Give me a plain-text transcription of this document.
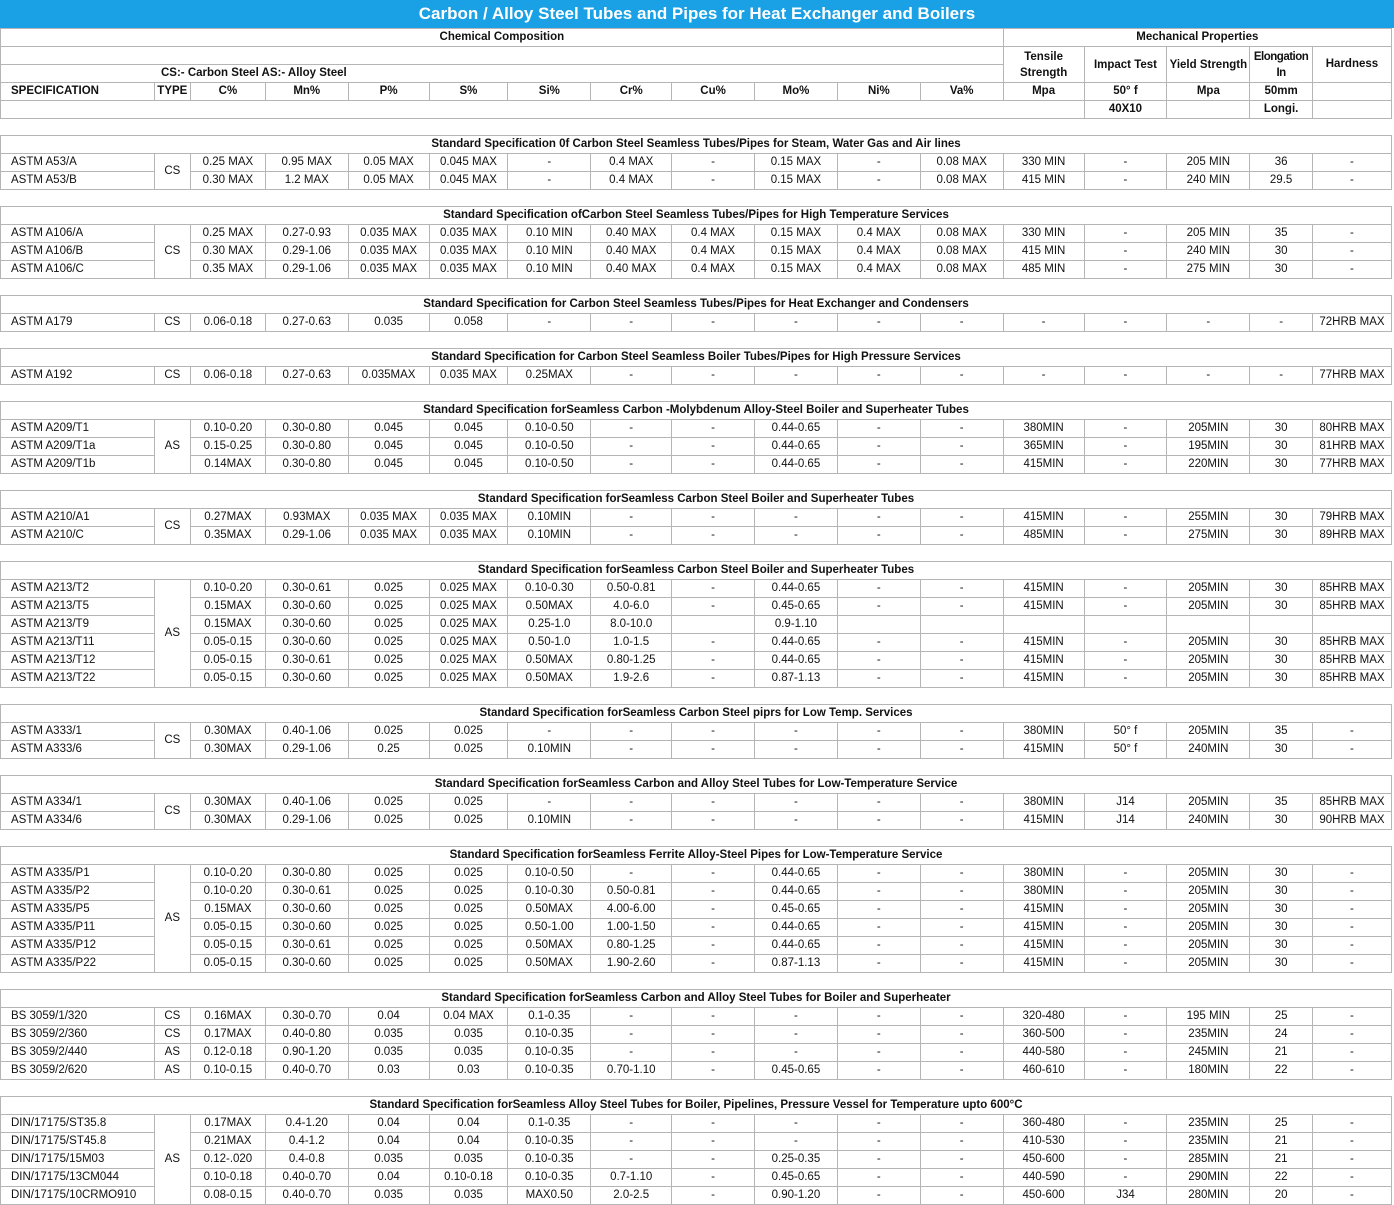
Carbon / Alloy Steel Tubes and Pipes for Heat Exchanger and Boilers
Chemical Composition												Mechanical Properties				
												Tensile Strength	Impact Test	Yield Strength	Elongation In	Hardness
CS:- Carbon Steel AS:- Alloy Steel																
SPECIFICATION	TYPE	C%	Mn%	P%	S%	Si%	Cr%	Cu%	Mo%	Ni%	Va%	Mpa	50° f	Mpa	50mm	
													40X10		Longi.	

Standard Specification 0f Carbon Steel Seamless Tubes/Pipes for Steam, Water Gas and Air lines																
ASTM A53/A	CS	0.25 MAX	0.95 MAX	0.05 MAX	0.045 MAX	-	0.4 MAX	-	0.15 MAX	-	0.08 MAX	330 MIN	-	205 MIN	36	-
ASTM A53/B		0.30 MAX	1.2 MAX	0.05 MAX	0.045 MAX	-	0.4 MAX	-	0.15 MAX	-	0.08 MAX	415 MIN	-	240 MIN	29.5	-

Standard Specification ofCarbon Steel Seamless Tubes/Pipes for High Temperature Services																
ASTM A106/A	CS	0.25 MAX	0.27-0.93	0.035 MAX	0.035 MAX	0.10 MIN	0.40 MAX	0.4 MAX	0.15 MAX	0.4 MAX	0.08 MAX	330 MIN	-	205 MIN	35	-
ASTM A106/B		0.30 MAX	0.29-1.06	0.035 MAX	0.035 MAX	0.10 MIN	0.40 MAX	0.4 MAX	0.15 MAX	0.4 MAX	0.08 MAX	415 MIN	-	240 MIN	30	-
ASTM A106/C		0.35 MAX	0.29-1.06	0.035 MAX	0.035 MAX	0.10 MIN	0.40 MAX	0.4 MAX	0.15 MAX	0.4 MAX	0.08 MAX	485 MIN	-	275 MIN	30	-

Standard Specification for Carbon Steel Seamless Tubes/Pipes for Heat Exchanger and Condensers																
ASTM A179	CS	0.06-0.18	0.27-0.63	0.035	0.058	-	-	-	-	-	-	-	-	-	-	72HRB MAX

Standard Specification for Carbon Steel Seamless Boiler Tubes/Pipes for High Pressure Services																
ASTM A192	CS	0.06-0.18	0.27-0.63	0.035MAX	0.035 MAX	0.25MAX	-	-	-	-	-	-	-	-	-	77HRB MAX

Standard Specification forSeamless Carbon -Molybdenum Alloy-Steel Boiler and Superheater Tubes																
ASTM A209/T1	AS	0.10-0.20	0.30-0.80	0.045	0.045	0.10-0.50	-	-	0.44-0.65	-	-	380MIN	-	205MIN	30	80HRB MAX
ASTM A209/T1a		0.15-0.25	0.30-0.80	0.045	0.045	0.10-0.50	-	-	0.44-0.65	-	-	365MIN	-	195MIN	30	81HRB MAX
ASTM A209/T1b		0.14MAX	0.30-0.80	0.045	0.045	0.10-0.50	-	-	0.44-0.65	-	-	415MIN	-	220MIN	30	77HRB MAX

Standard Specification forSeamless Carbon Steel Boiler and Superheater Tubes																
ASTM A210/A1	CS	0.27MAX	0.93MAX	0.035 MAX	0.035 MAX	0.10MIN	-	-	-	-	-	415MIN	-	255MIN	30	79HRB MAX
ASTM A210/C		0.35MAX	0.29-1.06	0.035 MAX	0.035 MAX	0.10MIN	-	-	-	-	-	485MIN	-	275MIN	30	89HRB MAX

Standard Specification forSeamless Carbon Steel Boiler and Superheater Tubes																
ASTM A213/T2	AS	0.10-0.20	0.30-0.61	0.025	0.025 MAX	0.10-0.30	0.50-0.81	-	0.44-0.65	-	-	415MIN	-	205MIN	30	85HRB MAX
ASTM A213/T5		0.15MAX	0.30-0.60	0.025	0.025 MAX	0.50MAX	4.0-6.0	-	0.45-0.65	-	-	415MIN	-	205MIN	30	85HRB MAX
ASTM A213/T9		0.15MAX	0.30-0.60	0.025	0.025 MAX	0.25-1.0	8.0-10.0		0.9-1.10							
ASTM A213/T11		0.05-0.15	0.30-0.60	0.025	0.025 MAX	0.50-1.0	1.0-1.5	-	0.44-0.65	-	-	415MIN	-	205MIN	30	85HRB MAX
ASTM A213/T12		0.05-0.15	0.30-0.61	0.025	0.025 MAX	0.50MAX	0.80-1.25	-	0.44-0.65	-	-	415MIN	-	205MIN	30	85HRB MAX
ASTM A213/T22		0.05-0.15	0.30-0.60	0.025	0.025 MAX	0.50MAX	1.9-2.6	-	0.87-1.13	-	-	415MIN	-	205MIN	30	85HRB MAX

Standard Specification forSeamless Carbon Steel piprs for Low Temp. Services																
ASTM A333/1	CS	0.30MAX	0.40-1.06	0.025	0.025	-	-	-	-	-	-	380MIN	50° f	205MIN	35	-
ASTM A333/6		0.30MAX	0.29-1.06	0.25	0.025	0.10MIN	-	-	-	-	-	415MIN	50° f	240MIN	30	-

Standard Specification forSeamless Carbon and Alloy Steel Tubes for Low-Temperature Service																
ASTM A334/1	CS	0.30MAX	0.40-1.06	0.025	0.025	-	-	-	-	-	-	380MIN	J14	205MIN	35	85HRB MAX
ASTM A334/6		0.30MAX	0.29-1.06	0.025	0.025	0.10MIN	-	-	-	-	-	415MIN	J14	240MIN	30	90HRB MAX

Standard Specification forSeamless Ferrite Alloy-Steel Pipes for Low-Temperature Service																
ASTM A335/P1	AS	0.10-0.20	0.30-0.80	0.025	0.025	0.10-0.50	-	-	0.44-0.65	-	-	380MIN	-	205MIN	30	-
ASTM A335/P2		0.10-0.20	0.30-0.61	0.025	0.025	0.10-0.30	0.50-0.81	-	0.44-0.65	-	-	380MIN	-	205MIN	30	-
ASTM A335/P5		0.15MAX	0.30-0.60	0.025	0.025	0.50MAX	4.00-6.00	-	0.45-0.65	-	-	415MIN	-	205MIN	30	-
ASTM A335/P11		0.05-0.15	0.30-0.60	0.025	0.025	0.50-1.00	1.00-1.50	-	0.44-0.65	-	-	415MIN	-	205MIN	30	-
ASTM A335/P12		0.05-0.15	0.30-0.61	0.025	0.025	0.50MAX	0.80-1.25	-	0.44-0.65	-	-	415MIN	-	205MIN	30	-
ASTM A335/P22		0.05-0.15	0.30-0.60	0.025	0.025	0.50MAX	1.90-2.60	-	0.87-1.13	-	-	415MIN	-	205MIN	30	-

Standard Specification forSeamless Carbon and Alloy Steel Tubes for Boiler and Superheater																
BS 3059/1/320	CS	0.16MAX	0.30-0.70	0.04	0.04 MAX	0.1-0.35	-	-	-	-	-	320-480	-	195 MIN	25	-
BS 3059/2/360	CS	0.17MAX	0.40-0.80	0.035	0.035	0.10-0.35	-	-	-	-	-	360-500	-	235MIN	24	-
BS 3059/2/440	AS	0.12-0.18	0.90-1.20	0.035	0.035	0.10-0.35	-	-	-	-	-	440-580	-	245MIN	21	-
BS 3059/2/620	AS	0.10-0.15	0.40-0.70	0.03	0.03	0.10-0.35	0.70-1.10	-	0.45-0.65	-	-	460-610	-	180MIN	22	-

Standard Specification forSeamless Alloy Steel Tubes for Boiler, Pipelines, Pressure Vessel for Temperature upto 600°C																
DIN/17175/ST35.8	AS	0.17MAX	0.4-1.20	0.04	0.04	0.1-0.35	-	-	-	-	-	360-480	-	235MIN	25	-
DIN/17175/ST45.8		0.21MAX	0.4-1.2	0.04	0.04	0.10-0.35	-	-	-	-	-	410-530	-	235MIN	21	-
DIN/17175/15M03		0.12-.020	0.4-0.8	0.035	0.035	0.10-0.35	-	-	0.25-0.35	-	-	450-600	-	285MIN	21	-
DIN/17175/13CM044		0.10-0.18	0.40-0.70	0.04	0.10-0.18	0.10-0.35	0.7-1.10	-	0.45-0.65	-	-	440-590	-	290MIN	22	-
DIN/17175/10CRMO910		0.08-0.15	0.40-0.70	0.035	0.035	MAX0.50	2.0-2.5	-	0.90-1.20	-	-	450-600	J34	280MIN	20	-
